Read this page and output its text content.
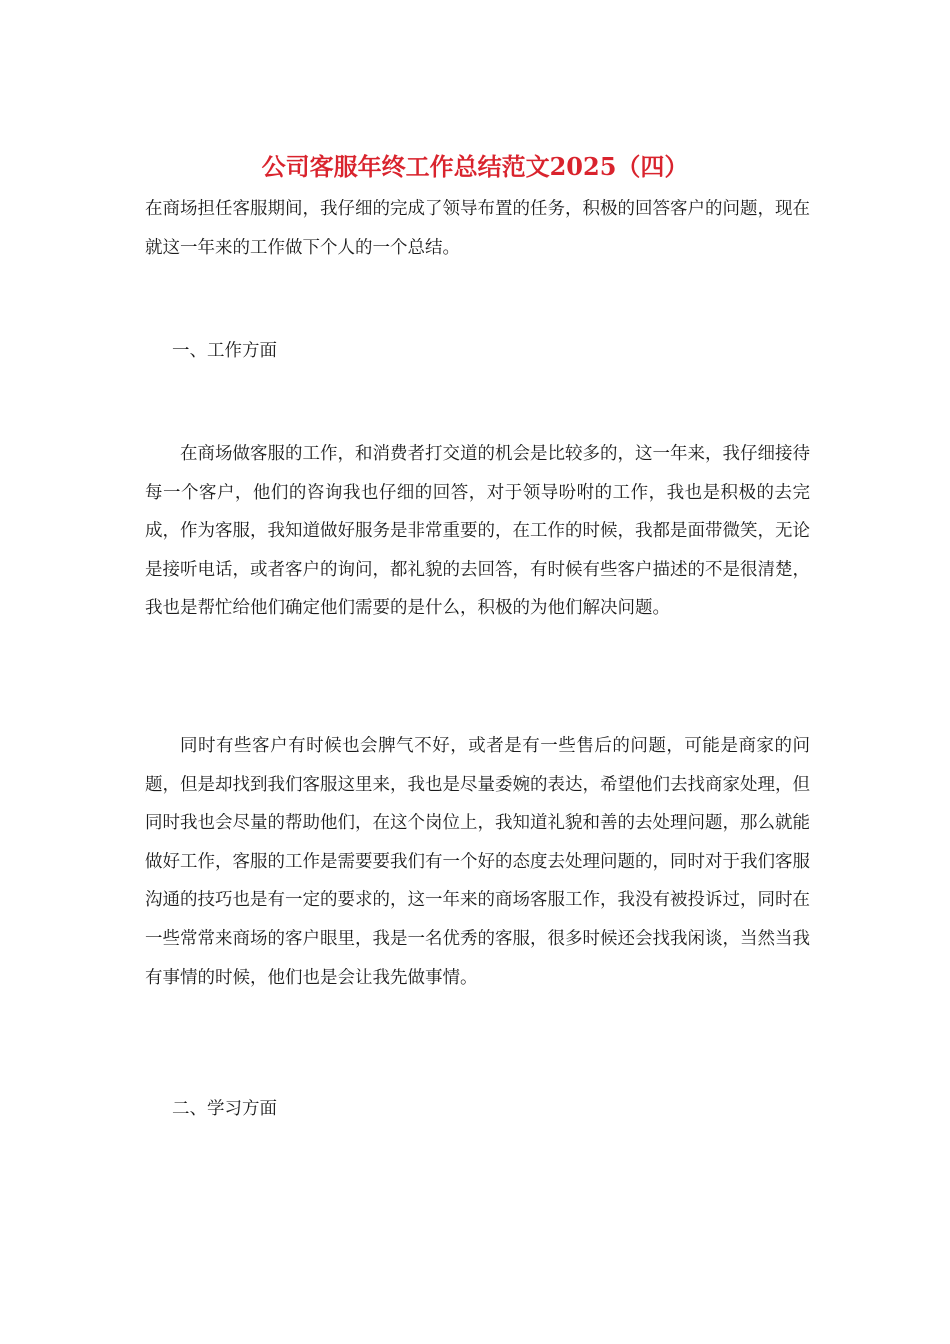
公司客服年终工作总结范文2025（四）

在商场担任客服期间，我仔细的完成了领导布置的任务，积极的回答客户的问题，现在就这一年来的工作做下个人的一个总结。

一、工作方面

在商场做客服的工作，和消费者打交道的机会是比较多的，这一年来，我仔细接待每一个客户，他们的咨询我也仔细的回答，对于领导吩咐的工作，我也是积极的去完成，作为客服，我知道做好服务是非常重要的，在工作的时候，我都是面带微笑，无论是接听电话，或者客户的询问，都礼貌的去回答，有时候有些客户描述的不是很清楚，我也是帮忙给他们确定他们需要的是什么，积极的为他们解决问题。

同时有些客户有时候也会脾气不好，或者是有一些售后的问题，可能是商家的问题，但是却找到我们客服这里来，我也是尽量委婉的表达，希望他们去找商家处理，但同时我也会尽量的帮助他们，在这个岗位上，我知道礼貌和善的去处理问题，那么就能做好工作，客服的工作是需要要我们有一个好的态度去处理问题的，同时对于我们客服沟通的技巧也是有一定的要求的，这一年来的商场客服工作，我没有被投诉过，同时在一些常常来商场的客户眼里，我是一名优秀的客服，很多时候还会找我闲谈，当然当我有事情的时候，他们也是会让我先做事情。

二、学习方面
